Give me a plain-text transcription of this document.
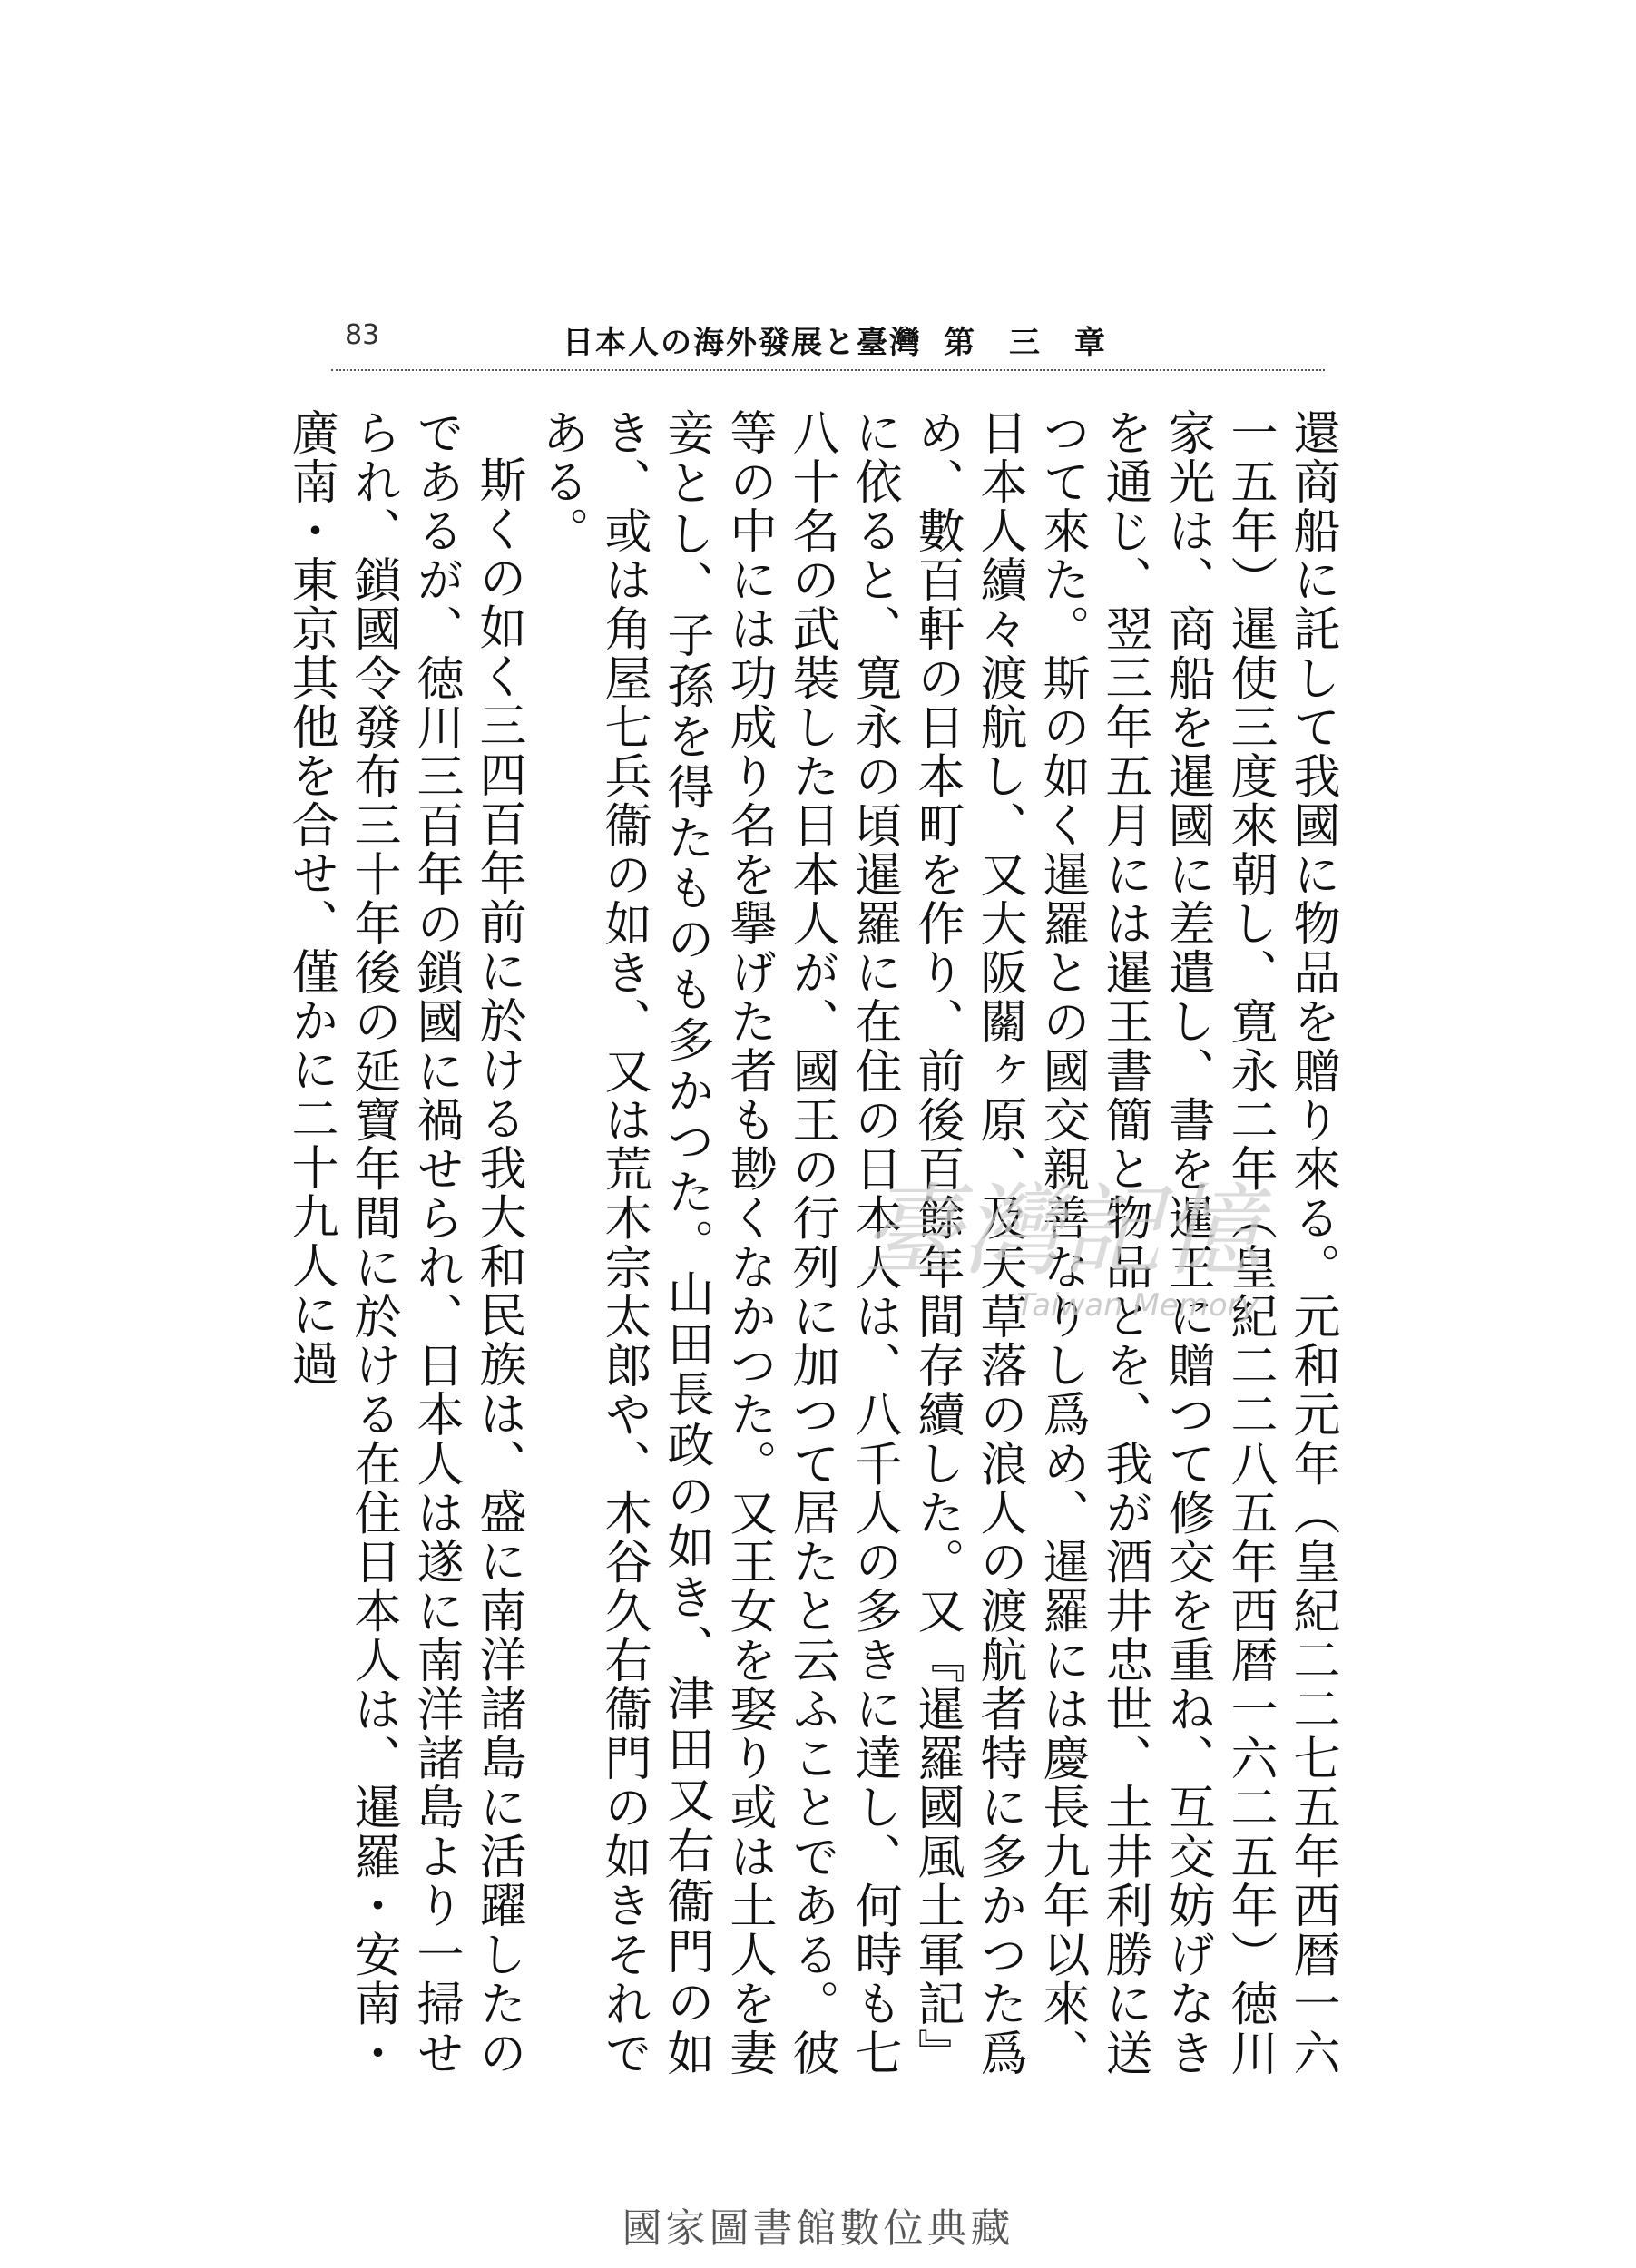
83	日本人の海外發展と臺灣 第　三　章

還商船に託して我國に物品を贈り來る。元和元年（皇紀二二七五年西暦一六一五年）暹使三度來朝し、寛永二年（皇紀二二八五年西暦一六二五年）徳川家光は、商船を暹國に差遣し、書を暹王に贈つて修交を重ね、互交妨げなきを通じ、翌三年五月には暹王書簡と物品とを、我が酒井忠世、土井利勝に送つて來た。斯の如く暹羅との國交親善なりし爲め、暹羅には慶長九年以來、日本人續々渡航し、又大阪關ヶ原、及天草落の浪人の渡航者特に多かつた爲め、數百軒の日本町を作り、前後百餘年間存續した。又『暹羅國風土軍記』に依ると、寛永の頃暹羅に在住の日本人は、八千人の多きに達し、何時も七八十名の武裝した日本人が、國王の行列に加つて居たと云ふことである。彼等の中には功成り名を擧げた者も尠くなかつた。又王女を娶り或は土人を妻妾とし、子孫を得たものも多かつた。山田長政の如き、津田又右衞門の如き、或は角屋七兵衞の如き、又は荒木宗太郎や、木谷久右衞門の如きそれである。

斯くの如く三四百年前に於ける我大和民族は、盛に南洋諸島に活躍したのであるが、徳川三百年の鎖國に禍せられ、日本人は遂に南洋諸島より一掃せられ、鎖國令發布三十年後の延寶年間に於ける在住日本人は、暹羅・安南・廣南・東京其他を合せ、僅かに二十九人に過	臺灣記憶
Taiwan Memory
國家圖書館數位典藏
